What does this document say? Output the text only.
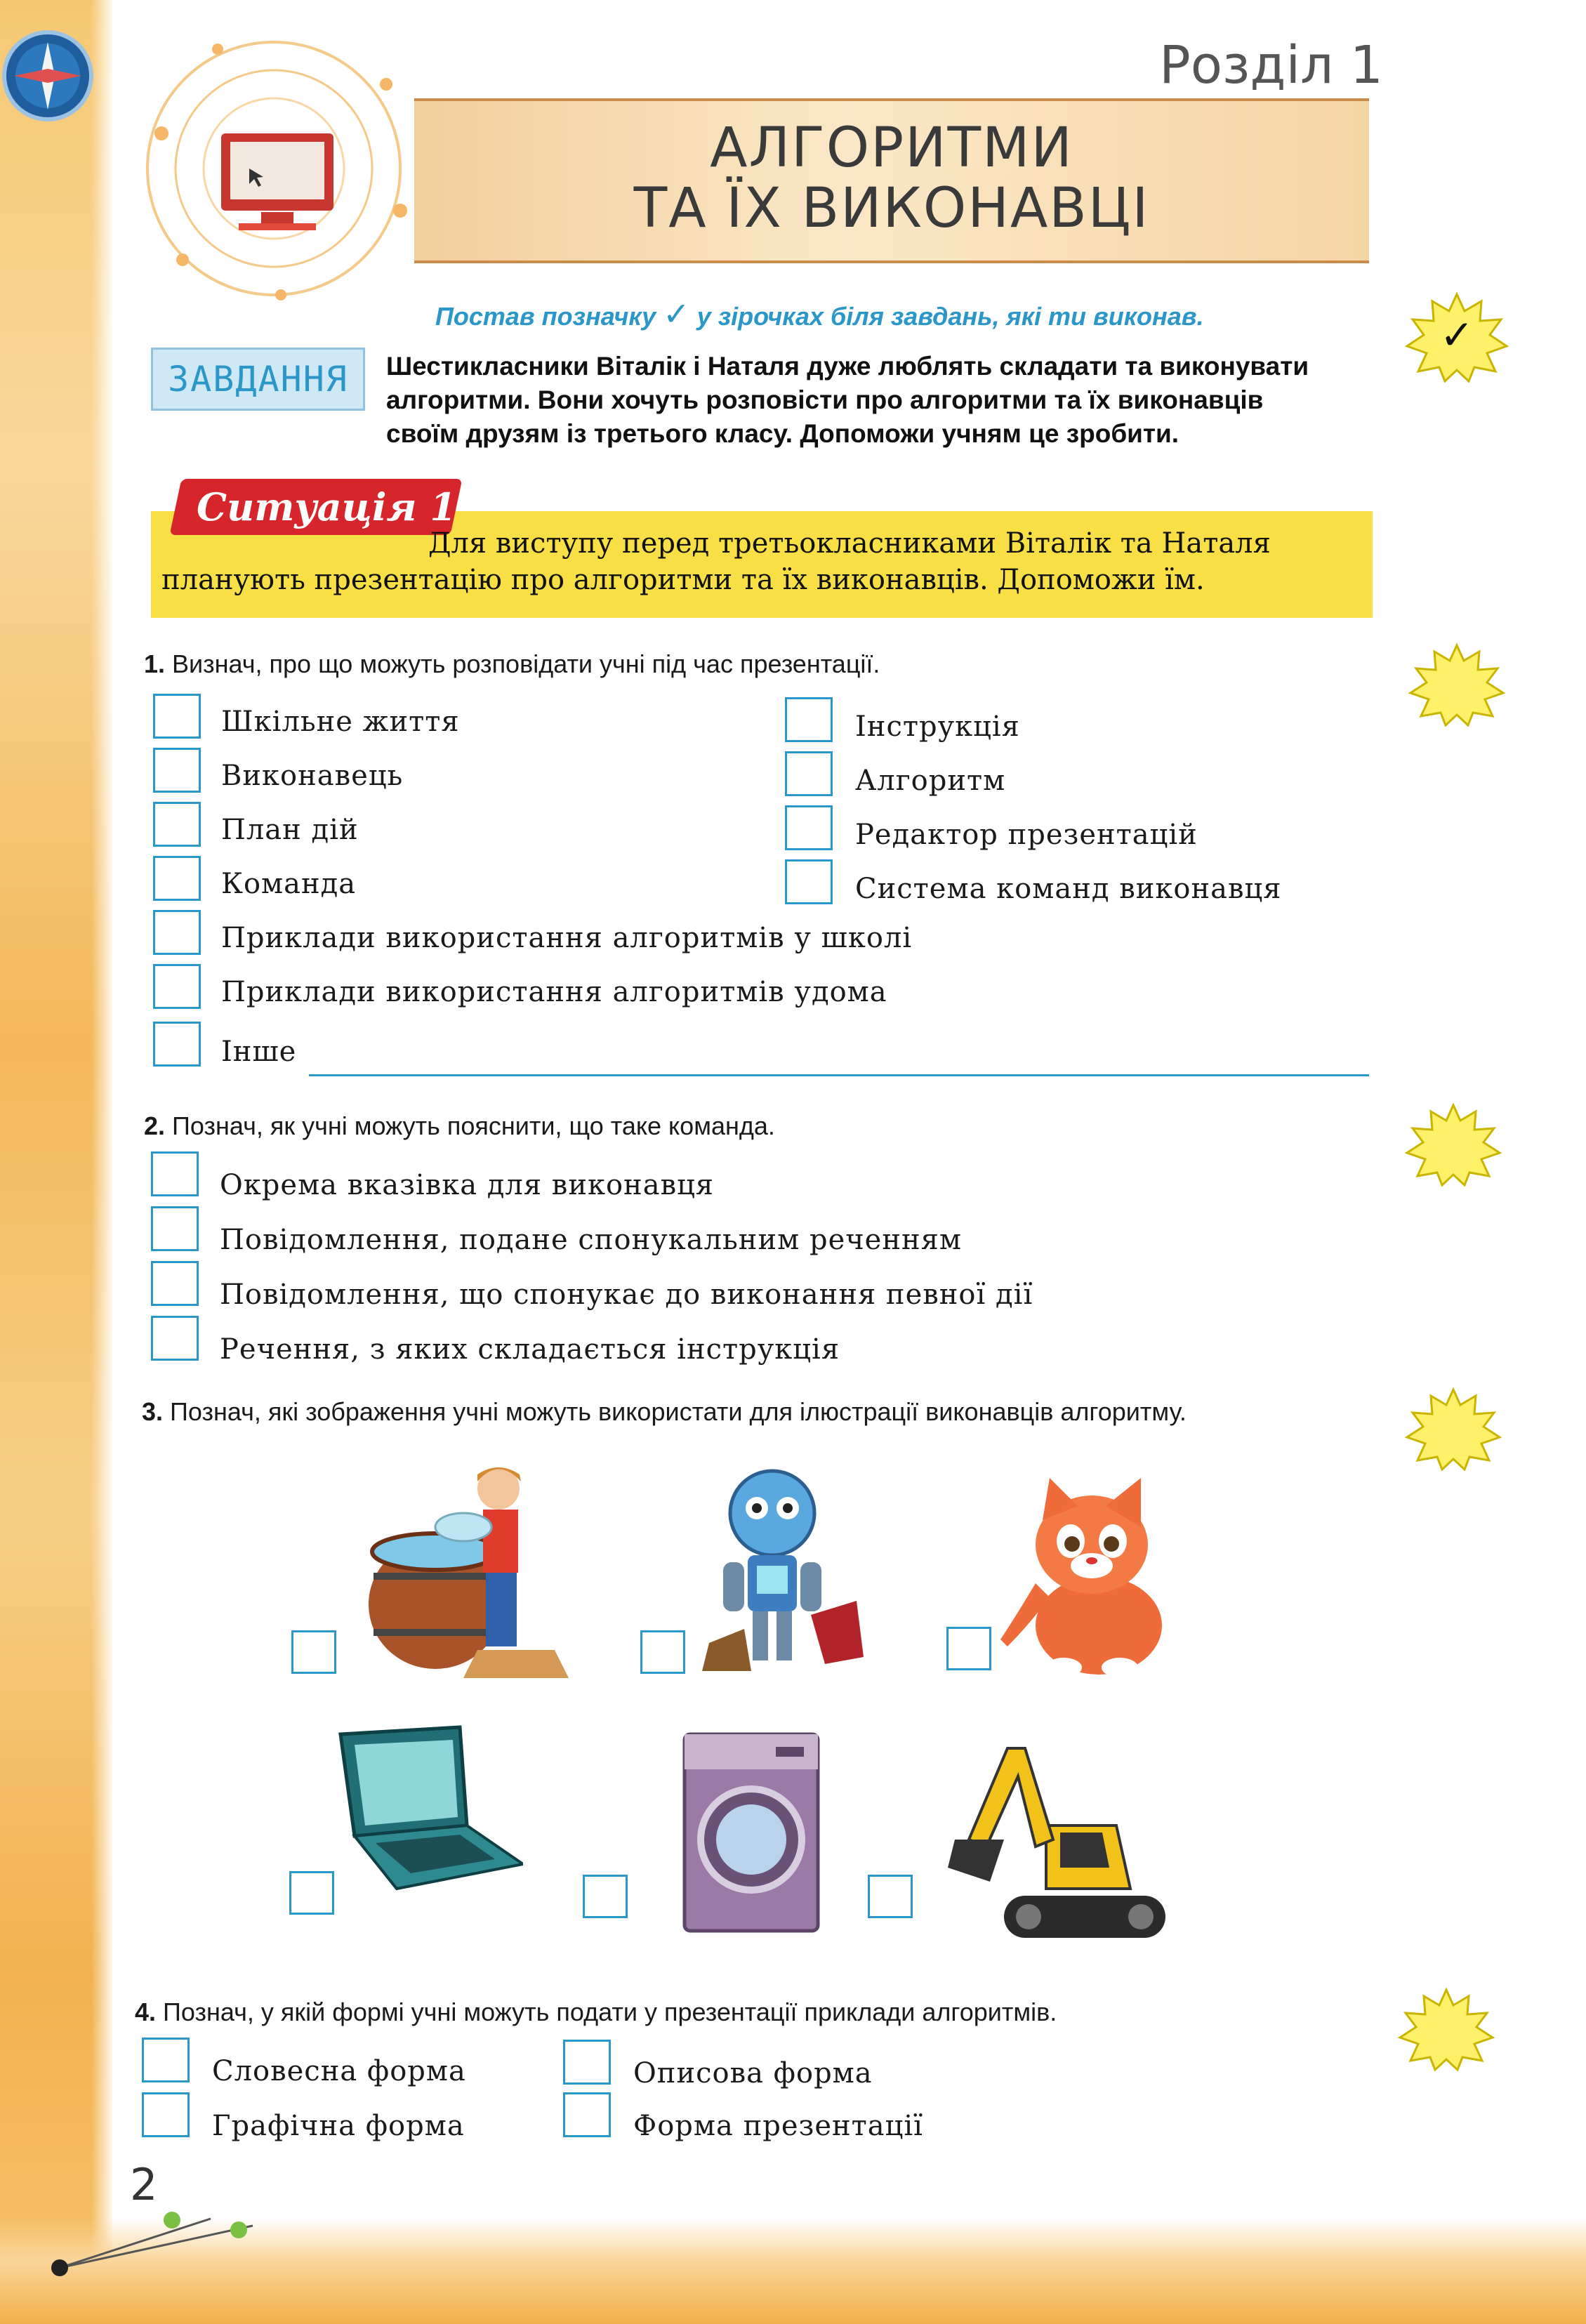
АЛГОРИТМИ
ТА ЇХ ВИКОНАВЦІ
Розділ 1
Постав позначку ✓ у зірочках біля завдань, які ти виконав.	✓
ЗАВДАННЯ	Шестикласники Віталік і Наталя дуже люблять складати та виконувати
алгоритми. Вони хочуть розповісти про алгоритми та їх виконавців
своїм друзям із третього класу. Допоможи учням це зробити.
Ситуація 1
Для виступу перед третьокласниками Віталік та Наталя
планують презентацію про алгоритми та їх виконавців. Допоможи їм.
1. Визнач, про що можуть розповідати учні під час презентації.
Шкільне життя
Виконавець
План дій
Команда
Інструкція
Алгоритм
Редактор презентацій
Система команд виконавця
Приклади використання алгоритмів у школі
Приклади використання алгоритмів удома
Інше
2. Познач, як учні можуть пояснити, що таке команда.
Окрема вказівка для виконавця
Повідомлення, подане спонукальним реченням
Повідомлення, що спонукає до виконання певної дії
Речення, з яких складається інструкція
3. Познач, які зображення учні можуть використати для ілюстрації виконавців алгоритму.
4. Познач, у якій формі учні можуть подати у презентації приклади алгоритмів.
Словесна форма
Графічна форма
Описова форма
Форма презентації
2
